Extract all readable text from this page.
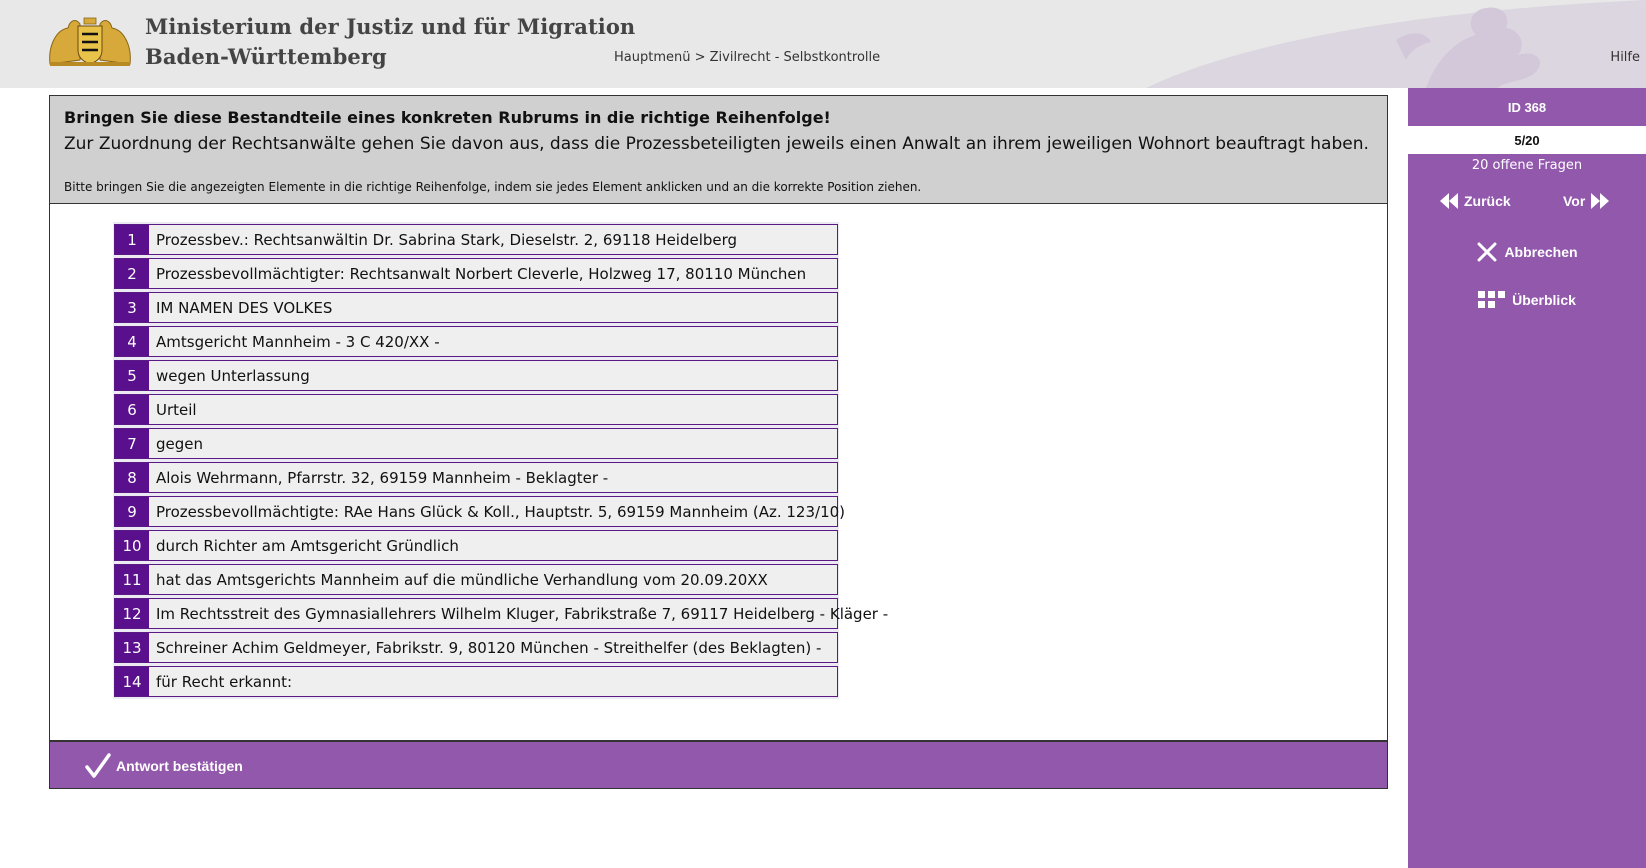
Ministerium der Justiz und für Migration
Baden-Württemberg	Hauptmenü > Zivilrecht - Selbstkontrolle	Hilfe
Bringen Sie diese Bestandteile eines konkreten Rubrums in die richtige Reihenfolge!
Zur Zuordnung der Rechtsanwälte gehen Sie davon aus, dass die Prozessbeteiligten jeweils einen Anwalt an ihrem jeweiligen Wohnort beauftragt haben.
Bitte bringen Sie die angezeigten Elemente in die richtige Reihenfolge, indem sie jedes Element anklicken und an die korrekte Position ziehen.
1	Prozessbev.: Rechtsanwältin Dr. Sabrina Stark, Dieselstr. 2, 69118 Heidelberg
2	Prozessbevollmächtigter: Rechtsanwalt Norbert Cleverle, Holzweg 17, 80110 München
3	IM NAMEN DES VOLKES
4	Amtsgericht Mannheim - 3 C 420/XX -
5	wegen Unterlassung
6	Urteil
7	gegen
8	Alois Wehrmann, Pfarrstr. 32, 69159 Mannheim - Beklagter -
9	Prozessbevollmächtigte: RAe Hans Glück & Koll., Hauptstr. 5, 69159 Mannheim (Az. 123/10)
10 durch Richter am Amtsgericht Gründlich
11 hat das Amtsgerichts Mannheim auf die mündliche Verhandlung vom 20.09.20XX
12 Im Rechtsstreit des Gymnasiallehrers Wilhelm Kluger, Fabrikstraße 7, 69117 Heidelberg - Kläger -
13 Schreiner Achim Geldmeyer, Fabrikstr. 9, 80120 München - Streithelfer (des Beklagten) -
14 für Recht erkannt:
Antwort bestätigen
ID 368
5/20
20 offene Fragen
Zurück	Vor
Abbrechen
Überblick
